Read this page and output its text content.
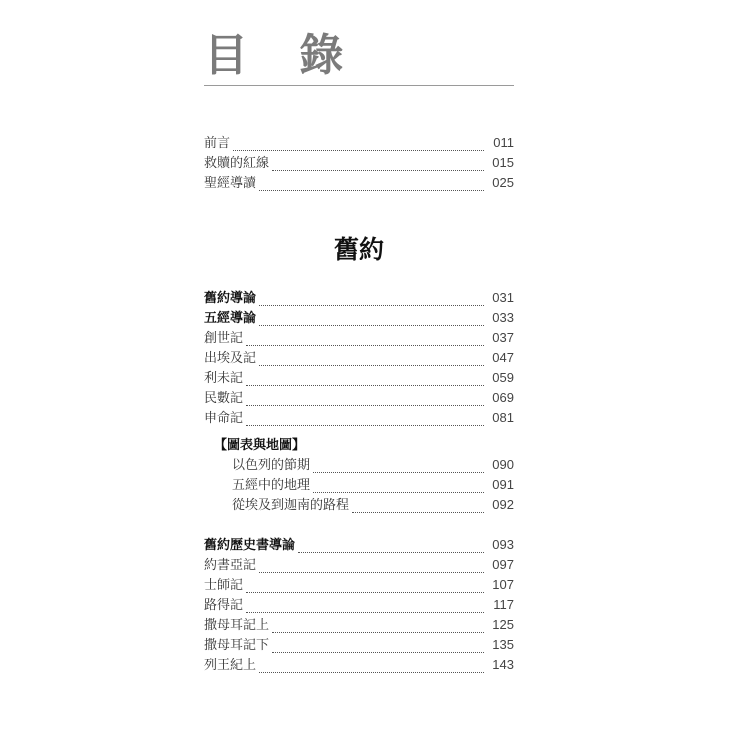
目 錄
前言	011
救贖的紅線	015
聖經導讀	025
舊約導論	031
五經導論	033
創世記	037
出埃及記	047
利未記	059
民數記	069
申命記	081
以色列的節期	090
五經中的地理	091
從埃及到迦南的路程	092
舊約歷史書導論	093
約書亞記	097
士師記	107
路得記	117
撒母耳記上	125
撒母耳記下	135
列王紀上	143
舊約
【圖表與地圖】
